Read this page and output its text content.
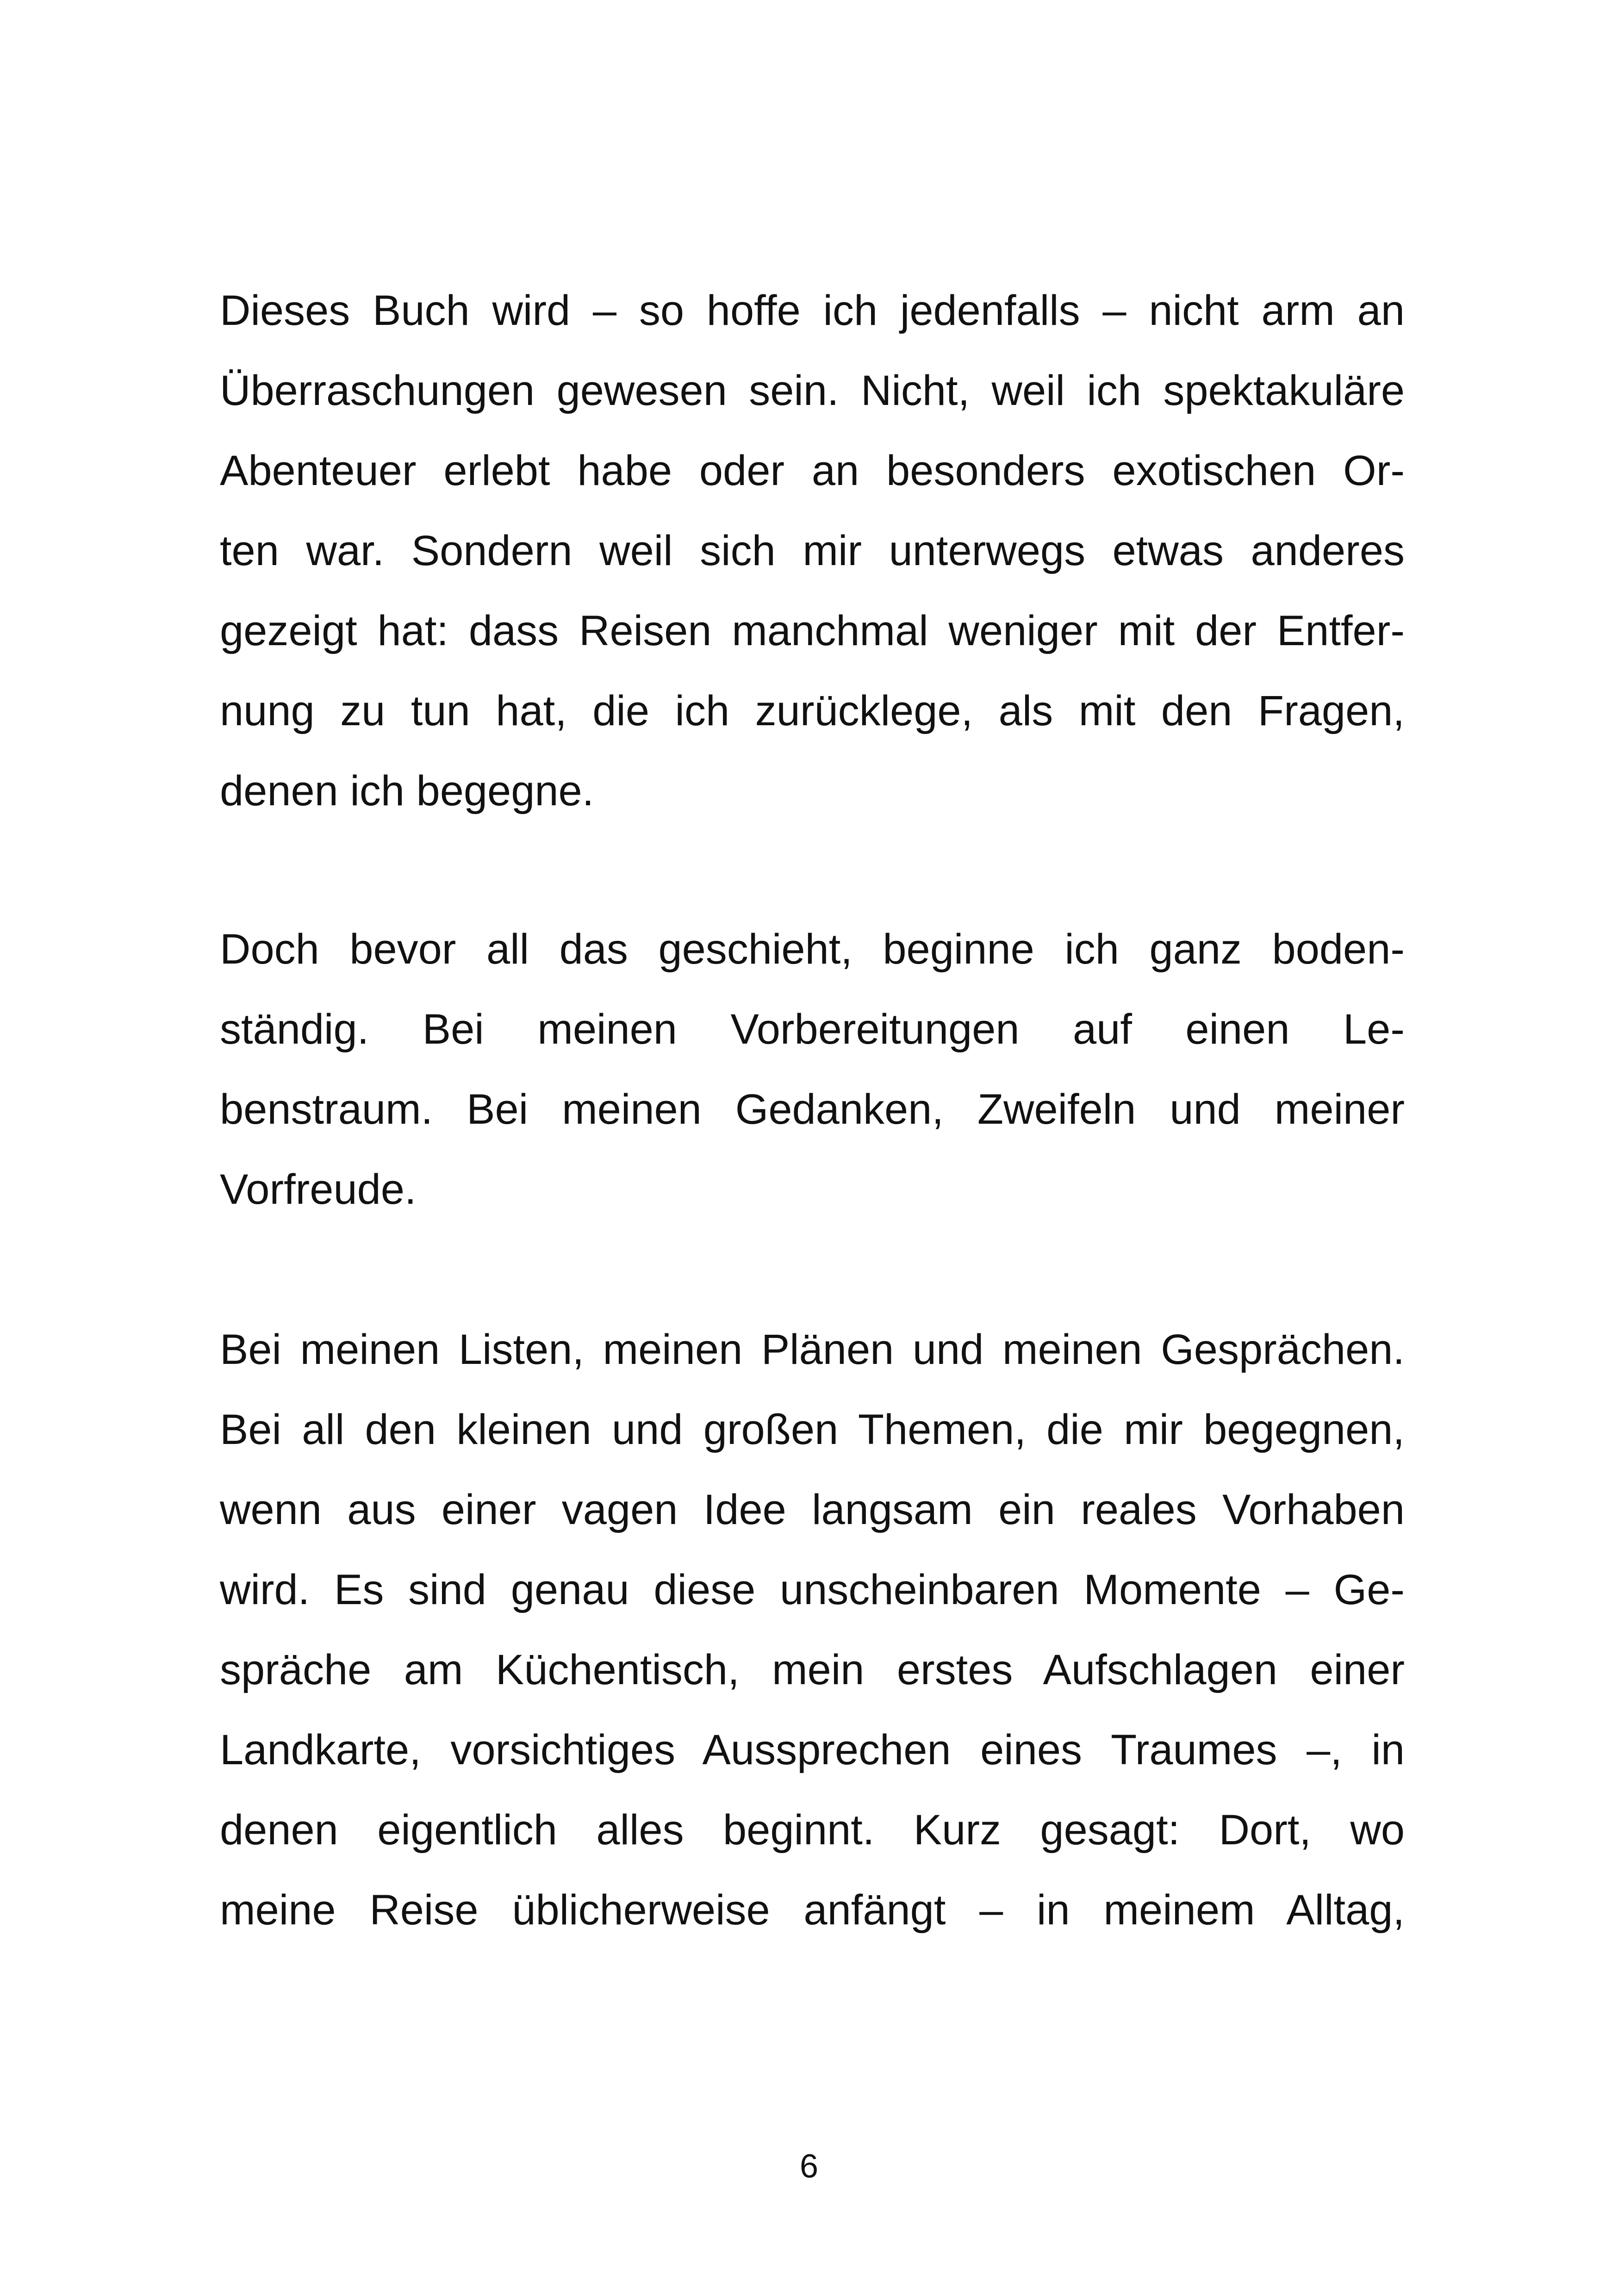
Dieses Buch wird – so hoffe ich jedenfalls – nicht arm an
Überraschungen gewesen sein. Nicht, weil ich spektakuläre
Abenteuer erlebt habe oder an besonders exotischen Or-
ten war. Sondern weil sich mir unterwegs etwas anderes
gezeigt hat: dass Reisen manchmal weniger mit der Entfer-
nung zu tun hat, die ich zurücklege, als mit den Fragen,
denen ich begegne.
Doch bevor all das geschieht, beginne ich ganz boden-
ständig. Bei meinen Vorbereitungen auf einen Le-
benstraum. Bei meinen Gedanken, Zweifeln und meiner
Vorfreude.
Bei meinen Listen, meinen Plänen und meinen Gesprächen.
Bei all den kleinen und großen Themen, die mir begegnen,
wenn aus einer vagen Idee langsam ein reales Vorhaben
wird. Es sind genau diese unscheinbaren Momente – Ge-
spräche am Küchentisch, mein erstes Aufschlagen einer
Landkarte, vorsichtiges Aussprechen eines Traumes –, in
denen eigentlich alles beginnt. Kurz gesagt: Dort, wo
meine Reise üblicherweise anfängt – in meinem Alltag,
6
